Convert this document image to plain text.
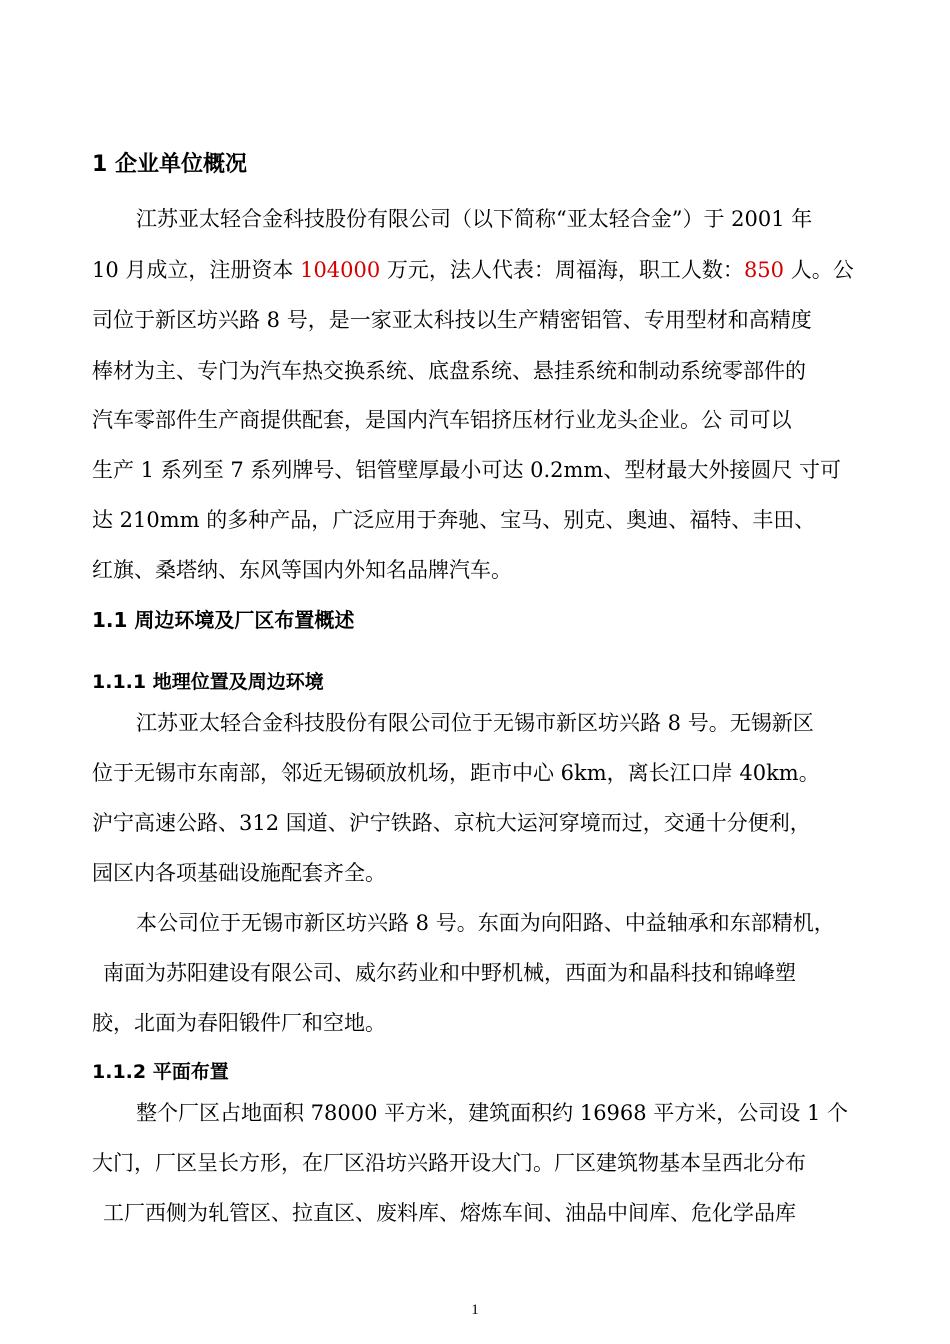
1 企业单位概况
江苏亚太轻合金科技股份有限公司（以下简称“亚太轻合金”）于 2001 年
10 月成立，注册资本 104000 万元，法人代表：周福海，职工人数：850 人。公
司位于新区坊兴路 8 号，是一家亚太科技以生产精密铝管、专用型材和高精度
棒材为主、专门为汽车热交换系统、底盘系统、悬挂系统和制动系统零部件的
汽车零部件生产商提供配套，是国内汽车铝挤压材行业龙头企业。公 司可以
生产 1 系列至 7 系列牌号、铝管壁厚最小可达 0.2mm、型材最大外接圆尺 寸可
达 210mm 的多种产品，广泛应用于奔驰、宝马、别克、奥迪、福特、丰田、
红旗、桑塔纳、东风等国内外知名品牌汽车。
1.1 周边环境及厂区布置概述
1.1.1 地理位置及周边环境
江苏亚太轻合金科技股份有限公司位于无锡市新区坊兴路 8 号。无锡新区
位于无锡市东南部，邻近无锡硕放机场，距市中心 6km，离长江口岸 40km。
沪宁高速公路、312 国道、沪宁铁路、京杭大运河穿境而过，交通十分便利，
园区内各项基础设施配套齐全。
本公司位于无锡市新区坊兴路 8 号。东面为向阳路、中益轴承和东部精机，
南面为苏阳建设有限公司、威尔药业和中野机械，西面为和晶科技和锦峰塑
胶，北面为春阳锻件厂和空地。
1.1.2 平面布置
整个厂区占地面积 78000 平方米，建筑面积约 16968 平方米，公司设 1 个
大门，厂区呈长方形，在厂区沿坊兴路开设大门。厂区建筑物基本呈西北分布
工厂西侧为轧管区、拉直区、废料库、熔炼车间、油品中间库、危化学品库
1
